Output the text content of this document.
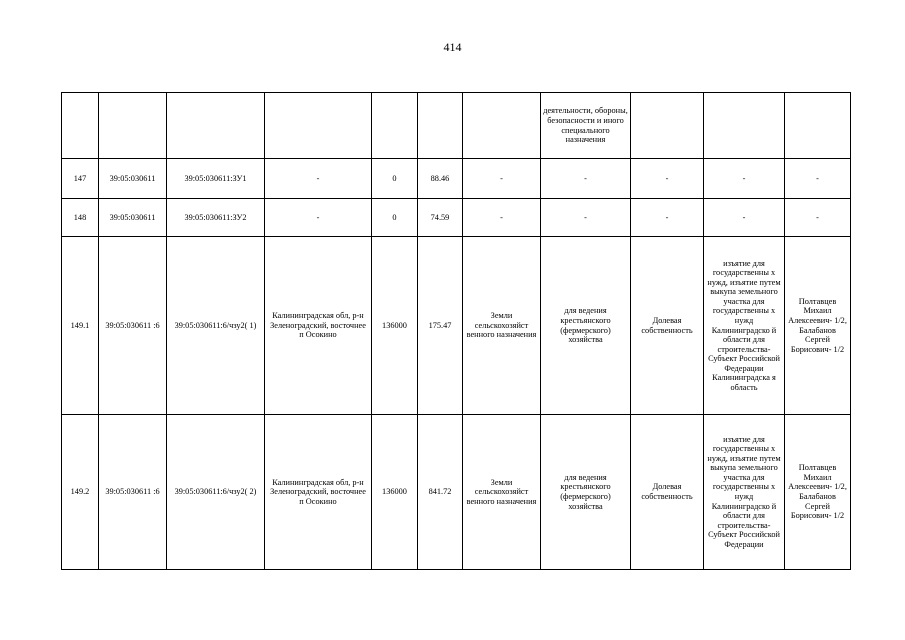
414
							деятельности, обороны, безопасности и иного специального назначения			
147	39:05:030611	39:05:030611:ЗУ1	-	0	88.46	-	-	-	-	-
148	39:05:030611	39:05:030611:ЗУ2	-	0	74.59	-	-	-	-	-
149.1	39:05:030611 :6	39:05:030611:6/чзу2( 1)	Калининградская обл, р-н Зеленоградский, восточнее п Осокино	136000	175.47	Земли сельскохозяйст венного назначения	для ведения крестьянского (фермерского) хозяйства	Долевая собственность	изъятие для государственны х нужд, изъятие путем выкупа земельного участка для государственны х нужд Калининградско й области для строительства- Субъект Российской Федерации Калининградска я область	Полтавцев Михаил Алексеевич- 1/2, Балабанов Сергей Борисович- 1/2
149.2	39:05:030611 :6	39:05:030611:6/чзу2( 2)	Калининградская обл, р-н Зеленоградский, восточнее п Осокино	136000	841.72	Земли сельскохозяйст венного назначения	для ведения крестьянского (фермерского) хозяйства	Долевая собственность	изъятие для государственны х нужд, изъятие путем выкупа земельного участка для государственны х нужд Калининградско й области для строительства- Субъект Российской Федерации	Полтавцев Михаил Алексеевич- 1/2, Балабанов Сергей Борисович- 1/2
